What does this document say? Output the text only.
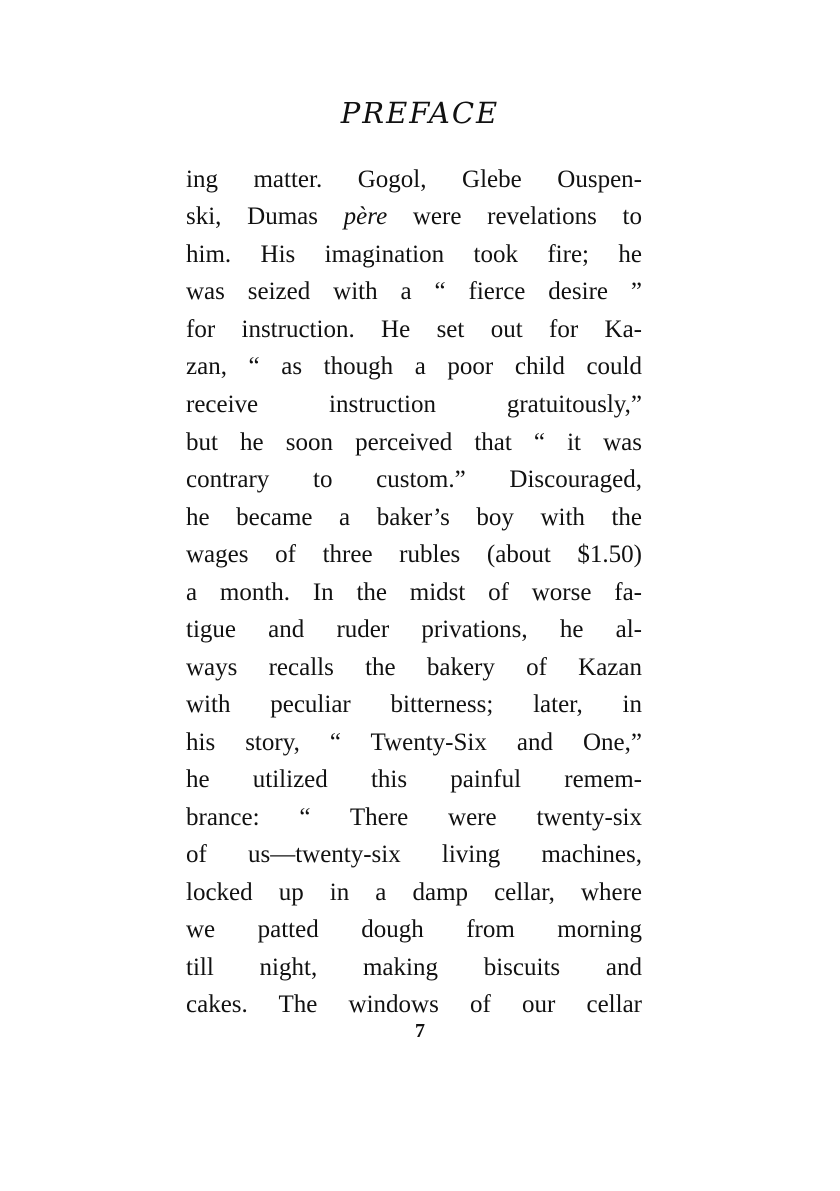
PREFACE
ing matter. Gogol, Glebe Ouspen-
ski, Dumas père were revelations to
him. His imagination took fire; he
was seized with a “ fierce desire ”
for instruction. He set out for Ka-
zan, “ as though a poor child could
receive instruction gratuitously,”
but he soon perceived that “ it was
contrary to custom.” Discouraged,
he became a baker’s boy with the
wages of three rubles (about $1.50)
a month. In the midst of worse fa-
tigue and ruder privations, he al-
ways recalls the bakery of Kazan
with peculiar bitterness; later, in
his story, “ Twenty-Six and One,”
he utilized this painful remem-
brance: “ There were twenty-six
of us—twenty-six living machines,
locked up in a damp cellar, where
we patted dough from morning
till night, making biscuits and
cakes. The windows of our cellar
7
